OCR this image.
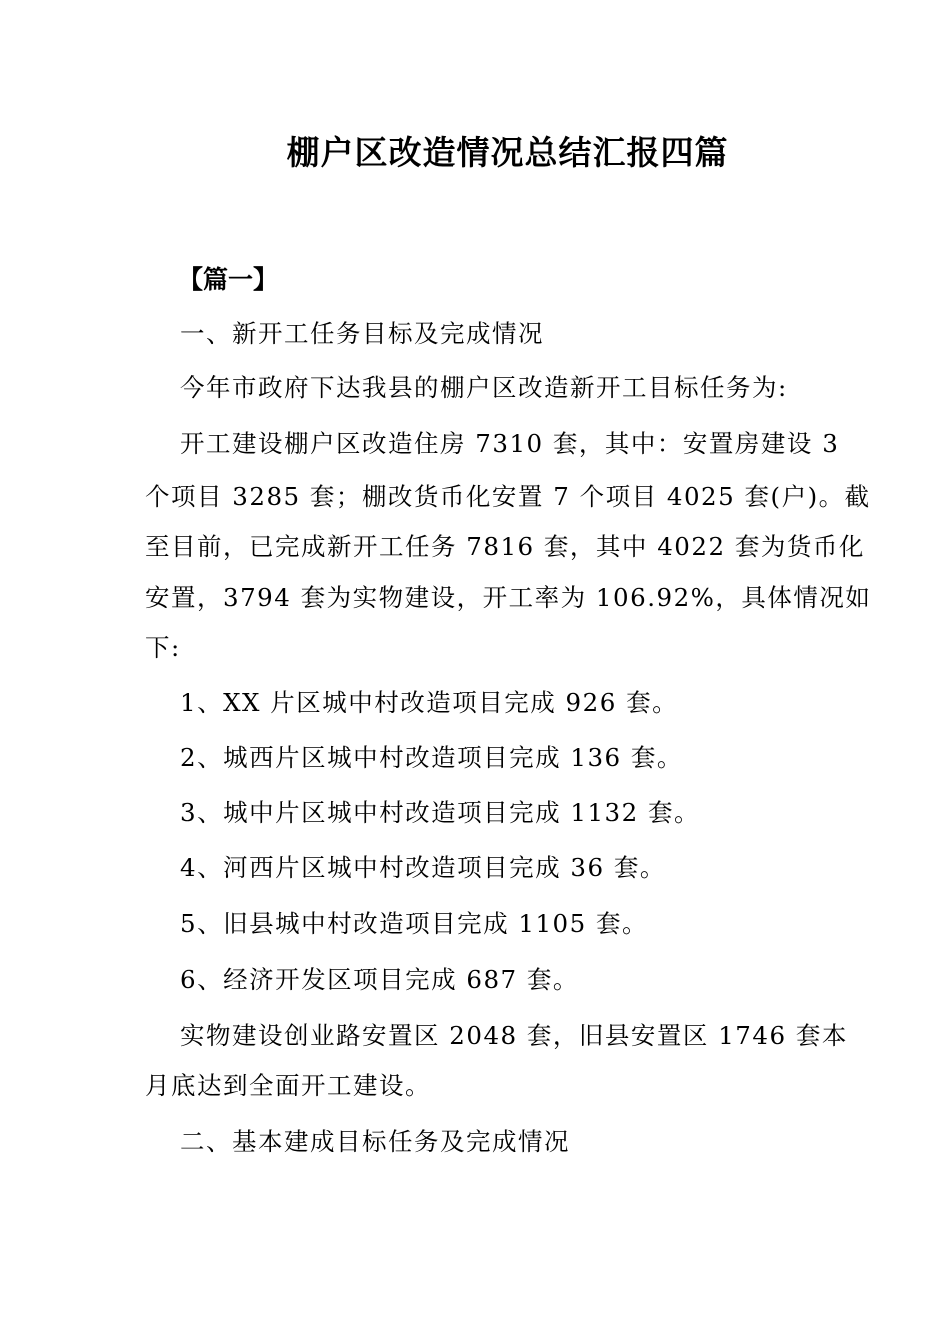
棚户区改造情况总结汇报四篇
【篇一】
一、新开工任务目标及完成情况
今年市政府下达我县的棚户区改造新开工目标任务为:
开工建设棚户区改造住房 7310 套，其中：安置房建设 3
个项目 3285 套；棚改货币化安置 7 个项目 4025 套(户)。截
至目前，已完成新开工任务 7816 套，其中 4022 套为货币化
安置，3794 套为实物建设，开工率为 106.92%，具体情况如
下:
1、XX 片区城中村改造项目完成 926 套。
2、城西片区城中村改造项目完成 136 套。
3、城中片区城中村改造项目完成 1132 套。
4、河西片区城中村改造项目完成 36 套。
5、旧县城中村改造项目完成 1105 套。
6、经济开发区项目完成 687 套。
实物建设创业路安置区 2048 套，旧县安置区 1746 套本
月底达到全面开工建设。
二、基本建成目标任务及完成情况
